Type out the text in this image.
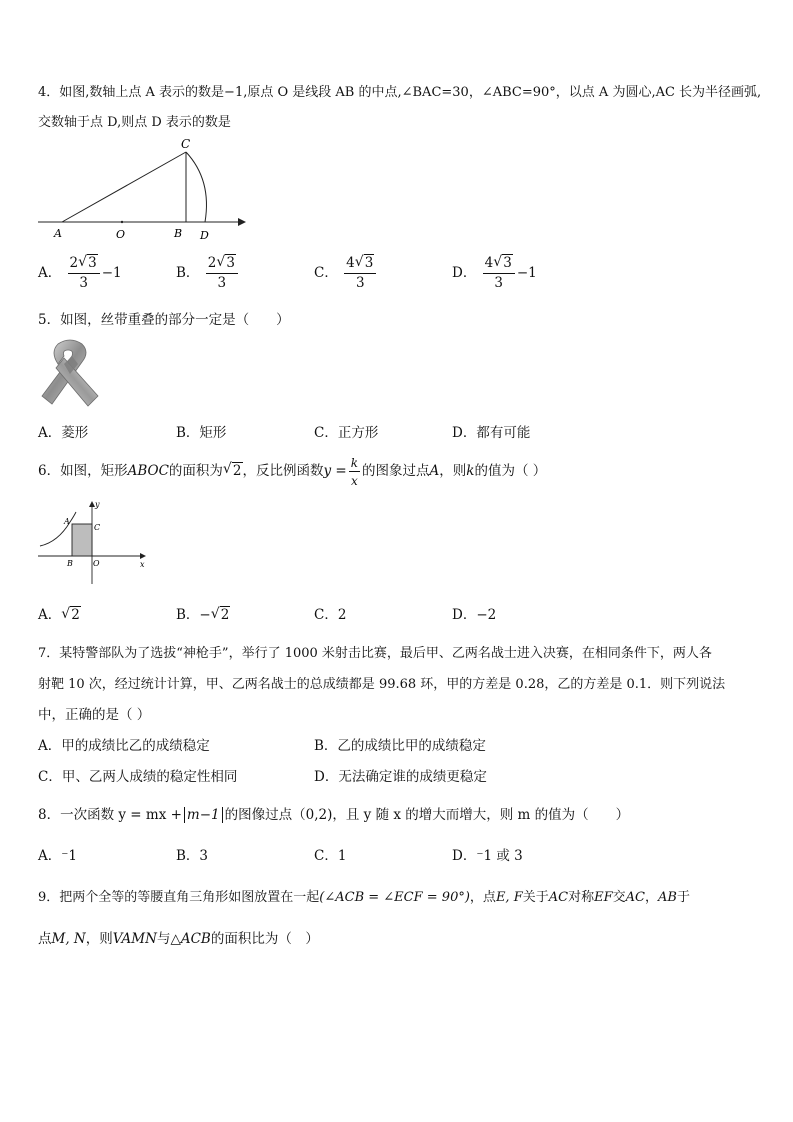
4．如图,数轴上点 A 表示的数是−1,原点 O 是线段 AB 的中点,∠BAC=30，∠ABC=90°，以点 A 为圆心,AC 长为半径画弧,
交数轴于点 D,则点 D 表示的数是
C
A	O	B D
A． $\frac{2 √ 3}{3} -1$	B． $\frac{2 √ 3}{3}$	C． $\frac{4 √ 3}{3}$	D． $\frac{4 √ 3}{3} -1$
5．如图，丝带重叠的部分一定是（　　）
A．菱形	B．矩形	C．正方形	D．都有可能
6．如图，矩形ABOC的面积为 √ 2，反比例函数$y = \frac{k}{x}$ 的图象过点A，则k的值为（ ）
y
A
C
B	O	x
A． √ 2	B．− √ 2	C．2	D．−2
7．某特警部队为了选拔“神枪手”，举行了 1000 米射击比赛，最后甲、乙两名战士进入决赛，在相同条件下，两人各
射靶 10 次，经过统计计算，甲、乙两名战士的总成绩都是 99.68 环，甲的方差是 0.28，乙的方差是 0.1．则下列说法
中，正确的是（ ）
A．甲的成绩比乙的成绩稳定	B．乙的成绩比甲的成绩稳定
C．甲、乙两人成绩的稳定性相同	D．无法确定谁的成绩更稳定
8．一次函数 y = mx + m−1 的图像过点（0,2)，且 y 随 x 的增大而增大，则 m 的值为（　　）
A．⁻1	B．3	C．1	D．⁻1 或 3
9．把两个全等的等腰直角三角形如图放置在一起(∠ACB = ∠ECF = 90°)，点E, F关于AC对称EF交AC，AB于
点M, N，则VAMN与△ACB的面积比为（　）
